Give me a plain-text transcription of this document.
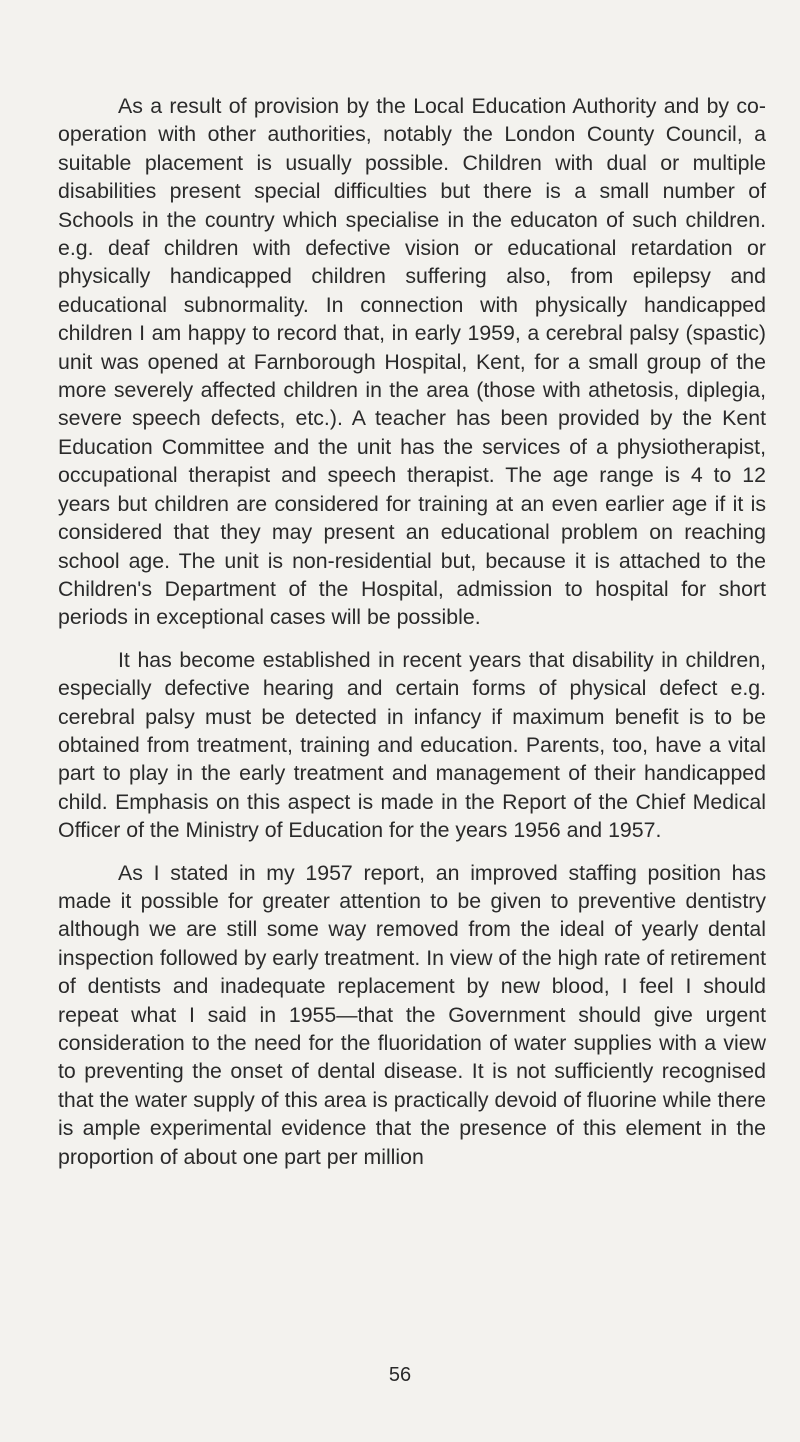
As a result of provision by the Local Education Authority and by co-operation with other authorities, notably the London County Council, a suitable placement is usually possible. Children with dual or multiple disabilities present special difficulties but there is a small number of Schools in the country which specialise in the educaton of such children. e.g. deaf children with defective vision or educational retardation or physically handicapped children suffering also, from epilepsy and educational subnormality. In connection with physically handicapped children I am happy to record that, in early 1959, a cerebral palsy (spastic) unit was opened at Farnborough Hospital, Kent, for a small group of the more severely affected children in the area (those with athetosis, diplegia, severe speech defects, etc.). A teacher has been provided by the Kent Education Committee and the unit has the services of a physiotherapist, occupational therapist and speech therapist. The age range is 4 to 12 years but children are considered for training at an even earlier age if it is considered that they may present an educational problem on reaching school age. The unit is non-residential but, because it is attached to the Children's Department of the Hospital, admission to hospital for short periods in exceptional cases will be possible.

It has become established in recent years that disability in children, especially defective hearing and certain forms of physical defect e.g. cerebral palsy must be detected in infancy if maximum benefit is to be obtained from treatment, training and education. Parents, too, have a vital part to play in the early treatment and management of their handicapped child. Emphasis on this aspect is made in the Report of the Chief Medical Officer of the Ministry of Education for the years 1956 and 1957.

As I stated in my 1957 report, an improved staffing position has made it possible for greater attention to be given to preventive dentistry although we are still some way removed from the ideal of yearly dental inspection followed by early treatment. In view of the high rate of retirement of dentists and inadequate replacement by new blood, I feel I should repeat what I said in 1955—that the Government should give urgent consideration to the need for the fluoridation of water supplies with a view to preventing the onset of dental disease. It is not sufficiently recognised that the water supply of this area is practically devoid of fluorine while there is ample experimental evidence that the presence of this element in the proportion of about one part per million

56
